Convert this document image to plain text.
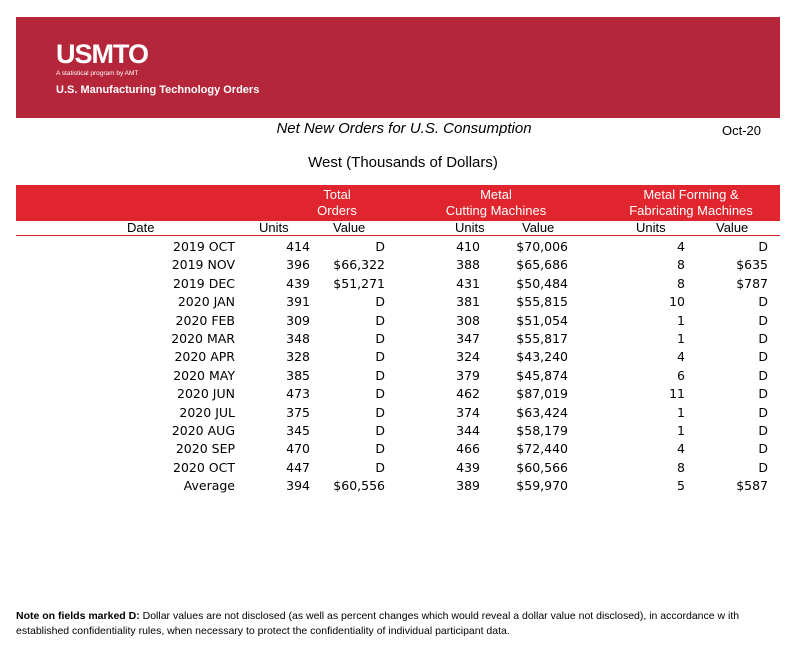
USMTO
A statistical program by AMT
U.S. Manufacturing Technology Orders
Net New Orders for U.S. Consumption	Oct-20
West (Thousands of Dollars)
Total
Orders
Metal
Cutting Machines
Metal Forming &
Fabricating Machines
Date	Units	Value	Units	Value	Units	Value
2019 OCT	414	D	410	$70,006	4	D
2019 NOV	396	$66,322	388	$65,686	8	$635
2019 DEC	439	$51,271	431	$50,484	8	$787
2020 JAN	391	D	381	$55,815	10	D
2020 FEB	309	D	308	$51,054	1	D
2020 MAR	348	D	347	$55,817	1	D
2020 APR	328	D	324	$43,240	4	D
2020 MAY	385	D	379	$45,874	6	D
2020 JUN	473	D	462	$87,019	11	D
2020 JUL	375	D	374	$63,424	1	D
2020 AUG	345	D	344	$58,179	1	D
2020 SEP	470	D	466	$72,440	4	D
2020 OCT	447	D	439	$60,566	8	D
Average	394	$60,556	389	$59,970	5	$587
Note on fields marked D: Dollar values are not disclosed (as well as percent changes which would reveal a dollar value not disclosed), in accordance w ith established confidentiality rules, when necessary to protect the confidentiality of individual participant data.
